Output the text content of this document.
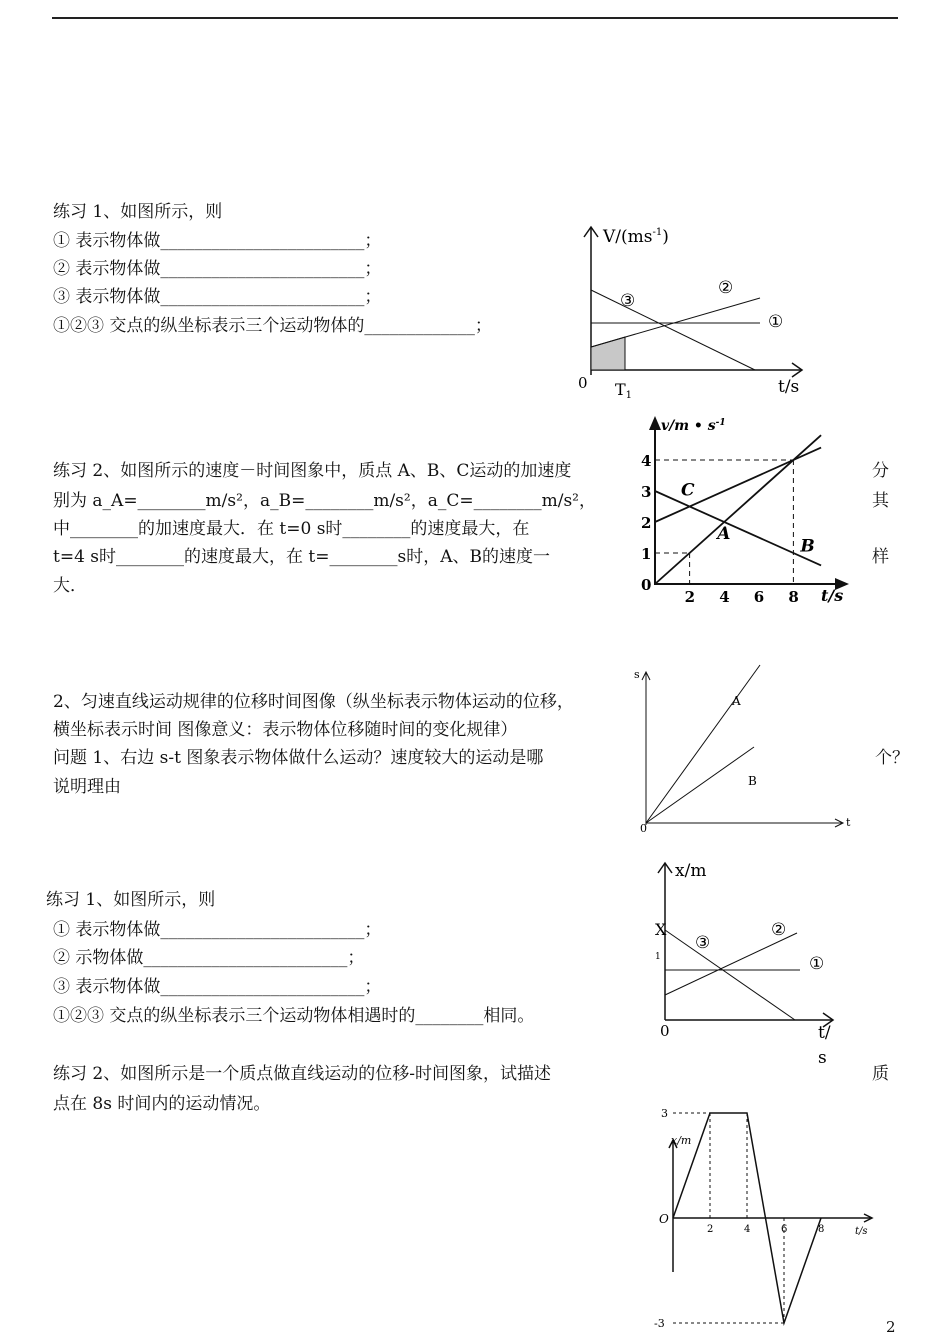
练习 1、如图所示，则
① 表示物体做________________________；
② 表示物体做________________________；
③ 表示物体做________________________；
①②③ 交点的纵坐标表示三个运动物体的_____________；
$V/(ms^{-1})$
0 T1	t/s
③
②
①
练习 2、如图所示的速度－时间图象中，质点 A、B、C运动的加速度
别为 a_A=________m/s²，a_B=________m/s²，a_C=________m/s²，
中________的加速度最大．在 t=0 s时________的速度最大，在
t=4 s时________的速度最大，在 t=________s时，A、B的速度一
大．
分
其
样
v/m • $s^{-1}$
t/s
0
1
2
3
4
2 4 6 8
C
A
B
2、匀速直线运动规律的位移时间图像（纵坐标表示物体运动的位移，
横坐标表示时间 图像意义：表示物体位移随时间的变化规律）
问题 1、右边 s-t 图象表示物体做什么运动？速度较大的运动是哪
说明理由
个？
s
t
0
A
B
练习 1、如图所示，则
① 表示物体做________________________；
② 示物体做________________________；
③ 表示物体做________________________；
①②③ 交点的纵坐标表示三个运动物体相遇时的________相同。
x/m
X
1
0	t/
s
③
②
①
练习 2、如图所示是一个质点做直线运动的位移-时间图象，试描述
点在 8s 时间内的运动情况。
质
x/m
t/s
O
3
-3
2	4	6	8
2
